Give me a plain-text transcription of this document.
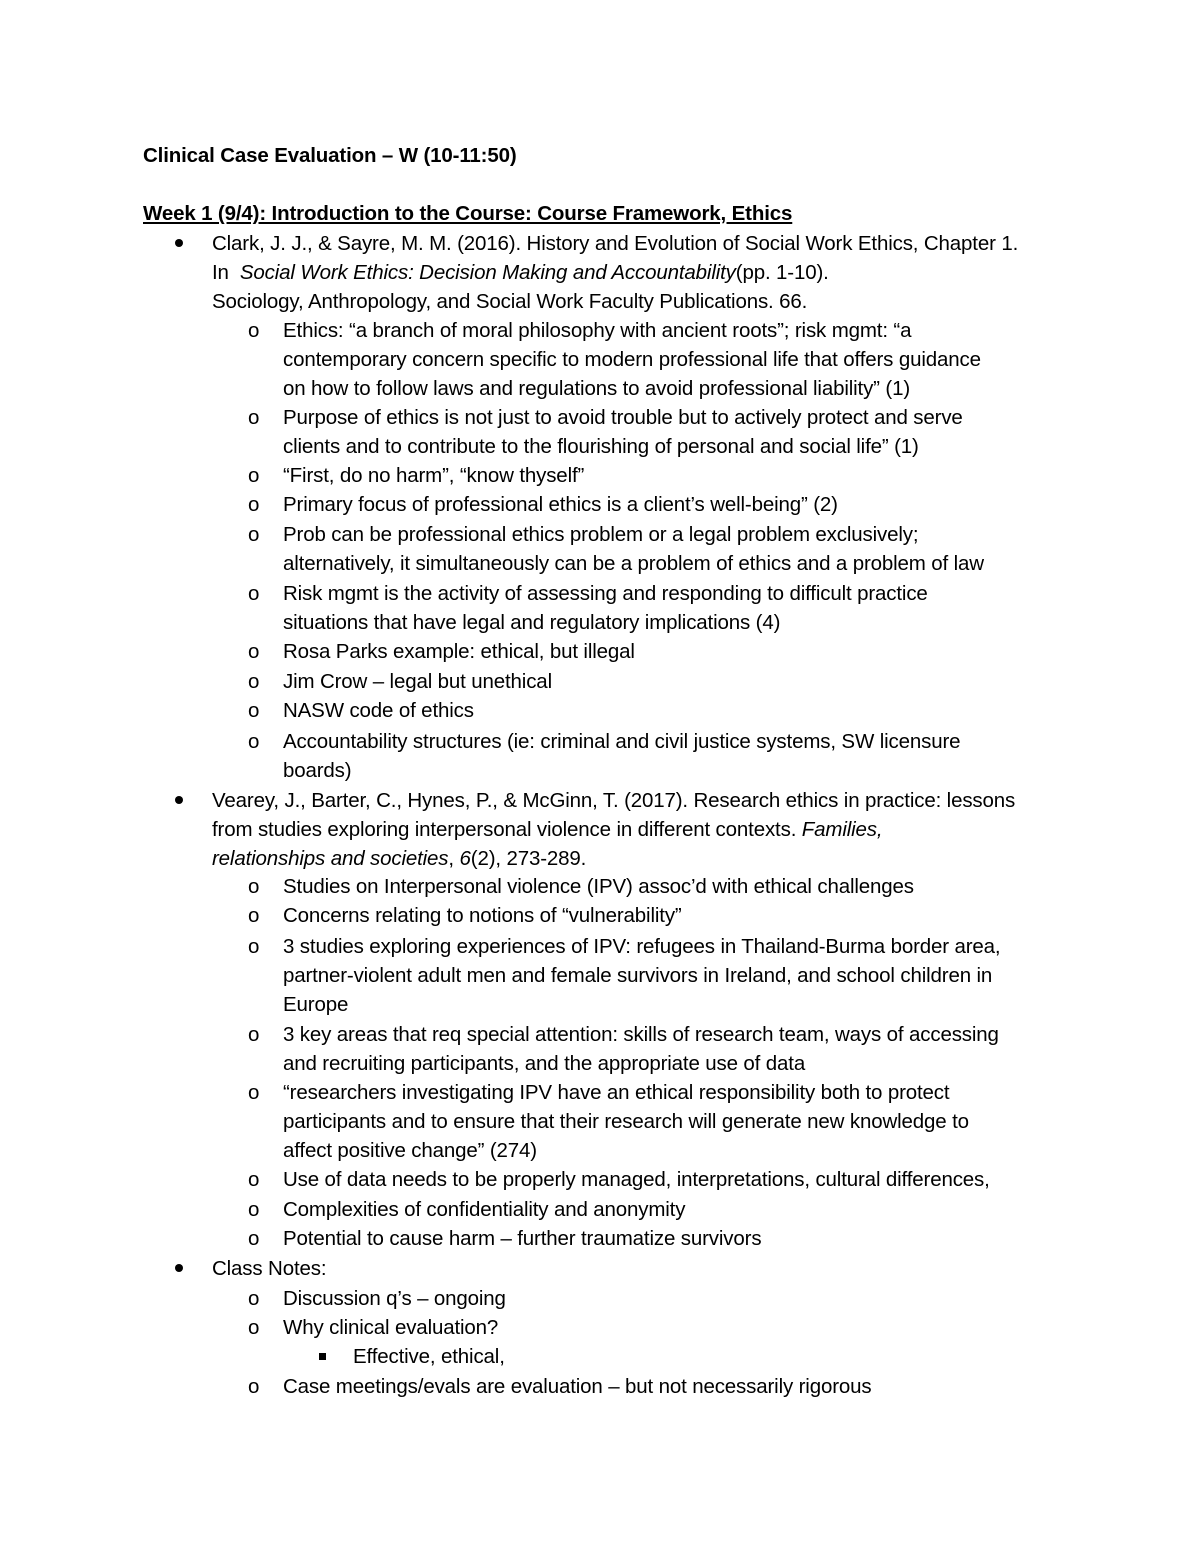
Clinical Case Evaluation – W (10-11:50)
Week 1 (9/4): Introduction to the Course: Course Framework, Ethics
Clark, J. J., & Sayre, M. M. (2016). History and Evolution of Social Work Ethics, Chapter 1.
In Social Work Ethics: Decision Making and Accountability(pp. 1-10).
Sociology, Anthropology, and Social Work Faculty Publications. 66.
o Ethics: “a branch of moral philosophy with ancient roots”; risk mgmt: “a
contemporary concern specific to modern professional life that offers guidance
on how to follow laws and regulations to avoid professional liability” (1)
o Purpose of ethics is not just to avoid trouble but to actively protect and serve
clients and to contribute to the flourishing of personal and social life” (1)
o “First, do no harm”, “know thyself”
o Primary focus of professional ethics is a client’s well-being” (2)
o Prob can be professional ethics problem or a legal problem exclusively;
alternatively, it simultaneously can be a problem of ethics and a problem of law
o Risk mgmt is the activity of assessing and responding to difficult practice
situations that have legal and regulatory implications (4)
o Rosa Parks example: ethical, but illegal
o Jim Crow – legal but unethical
o NASW code of ethics
o Accountability structures (ie: criminal and civil justice systems, SW licensure
boards)
Vearey, J., Barter, C., Hynes, P., & McGinn, T. (2017). Research ethics in practice: lessons
from studies exploring interpersonal violence in different contexts. Families,
relationships and societies, 6(2), 273-289.
o Studies on Interpersonal violence (IPV) assoc’d with ethical challenges
o Concerns relating to notions of “vulnerability”
o 3 studies exploring experiences of IPV: refugees in Thailand-Burma border area,
partner-violent adult men and female survivors in Ireland, and school children in
Europe
o 3 key areas that req special attention: skills of research team, ways of accessing
and recruiting participants, and the appropriate use of data
o “researchers investigating IPV have an ethical responsibility both to protect
participants and to ensure that their research will generate new knowledge to
affect positive change” (274)
o Use of data needs to be properly managed, interpretations, cultural differences,
o Complexities of confidentiality and anonymity
o Potential to cause harm – further traumatize survivors
Class Notes:
o Discussion q’s – ongoing
o Why clinical evaluation?
Effective, ethical,
o Case meetings/evals are evaluation – but not necessarily rigorous
